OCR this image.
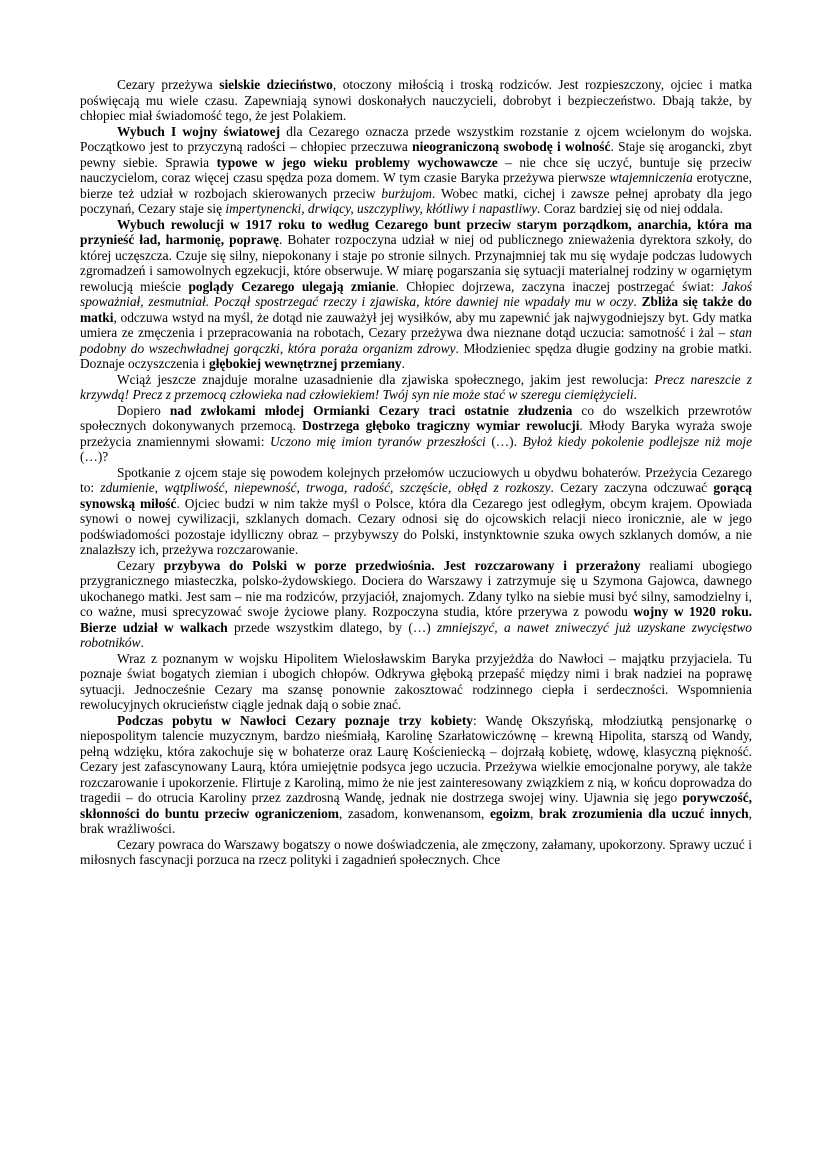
Cezary przeżywa sielskie dzieciństwo, otoczony miłością i troską rodziców. Jest rozpieszczony, ojciec i matka poświęcają mu wiele czasu. Zapewniają synowi doskonałych nauczycieli, dobrobyt i bezpieczeństwo. Dbają także, by chłopiec miał świadomość tego, że jest Polakiem.

Wybuch I wojny światowej dla Cezarego oznacza przede wszystkim rozstanie z ojcem wcielonym do wojska. Początkowo jest to przyczyną radości – chłopiec przeczuwa nieograniczoną swobodę i wolność. Staje się arogancki, zbyt pewny siebie. Sprawia typowe w jego wieku problemy wychowawcze – nie chce się uczyć, buntuje się przeciw nauczycielom, coraz więcej czasu spędza poza domem. W tym czasie Baryka przeżywa pierwsze wtajemniczenia erotyczne, bierze też udział w rozbojach skierowanych przeciw burżujom. Wobec matki, cichej i zawsze pełnej aprobaty dla jego poczynań, Cezary staje się impertynencki, drwiący, uszczypliwy, kłótliwy i napastliwy. Coraz bardziej się od niej oddala.

Wybuch rewolucji w 1917 roku to według Cezarego bunt przeciw starym porządkom, anarchia, która ma przynieść ład, harmonię, poprawę. Bohater rozpoczyna udział w niej od publicznego znieważenia dyrektora szkoły, do której uczęszcza. Czuje się silny, niepokonany i staje po stronie silnych. Przynajmniej tak mu się wydaje podczas ludowych zgromadzeń i samowolnych egzekucji, które obserwuje. W miarę pogarszania się sytuacji materialnej rodziny w ogarniętym rewolucją mieście poglądy Cezarego ulegają zmianie. Chłopiec dojrzewa, zaczyna inaczej postrzegać świat: Jakoś spoważniał, zesmutniał. Począł spostrzegać rzeczy i zjawiska, które dawniej nie wpadały mu w oczy. Zbliża się także do matki, odczuwa wstyd na myśl, że dotąd nie zauważył jej wysiłków, aby mu zapewnić jak najwygodniejszy byt. Gdy matka umiera ze zmęczenia i przepracowania na robotach, Cezary przeżywa dwa nieznane dotąd uczucia: samotność i żal – stan podobny do wszechwładnej gorączki, która poraża organizm zdrowy. Młodzieniec spędza długie godziny na grobie matki. Doznaje oczyszczenia i głębokiej wewnętrznej przemiany.

Wciąż jeszcze znajduje moralne uzasadnienie dla zjawiska społecznego, jakim jest rewolucja: Precz nareszcie z krzywdą! Precz z przemocą człowieka nad człowiekiem! Twój syn nie może stać w szeregu ciemiężycieli.

Dopiero nad zwłokami młodej Ormianki Cezary traci ostatnie złudzenia co do wszelkich przewrotów społecznych dokonywanych przemocą. Dostrzega głęboko tragiczny wymiar rewolucji. Młody Baryka wyraża swoje przeżycia znamiennymi słowami: Uczono mię imion tyranów przeszłości (…). Byłoż kiedy pokolenie podlejsze niż moje (…)?

Spotkanie z ojcem staje się powodem kolejnych przełomów uczuciowych u obydwu bohaterów. Przeżycia Cezarego to: zdumienie, wątpliwość, niepewność, trwoga, radość, szczęście, obłęd z rozkoszy. Cezary zaczyna odczuwać gorącą synowską miłość. Ojciec budzi w nim także myśl o Polsce, która dla Cezarego jest odległym, obcym krajem. Opowiada synowi o nowej cywilizacji, szklanych domach. Cezary odnosi się do ojcowskich relacji nieco ironicznie, ale w jego podświadomości pozostaje idylliczny obraz – przybywszy do Polski, instynktownie szuka owych szklanych domów, a nie znalazłszy ich, przeżywa rozczarowanie.

Cezary przybywa do Polski w porze przedwiośnia. Jest rozczarowany i przerażony realiami ubogiego przygranicznego miasteczka, polsko-żydowskiego. Dociera do Warszawy i zatrzymuje się u Szymona Gajowca, dawnego ukochanego matki. Jest sam – nie ma rodziców, przyjaciół, znajomych. Zdany tylko na siebie musi być silny, samodzielny i, co ważne, musi sprecyzować swoje życiowe plany. Rozpoczyna studia, które przerywa z powodu wojny w 1920 roku. Bierze udział w walkach przede wszystkim dlatego, by (…) zmniejszyć, a nawet zniweczyć już uzyskane zwycięstwo robotników.

Wraz z poznanym w wojsku Hipolitem Wielosławskim Baryka przyjeżdża do Nawłoci – majątku przyjaciela. Tu poznaje świat bogatych ziemian i ubogich chłopów. Odkrywa głęboką przepaść między nimi i brak nadziei na poprawę sytuacji. Jednocześnie Cezary ma szansę ponownie zakosztować rodzinnego ciepła i serdeczności. Wspomnienia rewolucyjnych okrucieństw ciągle jednak dają o sobie znać.

Podczas pobytu w Nawłoci Cezary poznaje trzy kobiety: Wandę Okszyńską, młodziutką pensjonarkę o niepospolitym talencie muzycznym, bardzo nieśmiałą, Karolinę Szarłatowiczównę – krewną Hipolita, starszą od Wandy, pełną wdzięku, która zakochuje się w bohaterze oraz Laurę Kościeniecką – dojrzałą kobietę, wdowę, klasyczną piękność. Cezary jest zafascynowany Laurą, która umiejętnie podsyca jego uczucia. Przeżywa wielkie emocjonalne porywy, ale także rozczarowanie i upokorzenie. Flirtuje z Karoliną, mimo że nie jest zainteresowany związkiem z nią, w końcu doprowadza do tragedii – do otrucia Karoliny przez zazdrosną Wandę, jednak nie dostrzega swojej winy. Ujawnia się jego porywczość, skłonności do buntu przeciw ograniczeniom, zasadom, konwenansom, egoizm, brak zrozumienia dla uczuć innych, brak wrażliwości.

Cezary powraca do Warszawy bogatszy o nowe doświadczenia, ale zmęczony, załamany, upokorzony. Sprawy uczuć i miłosnych fascynacji porzuca na rzecz polityki i zagadnień społecznych. Chce
